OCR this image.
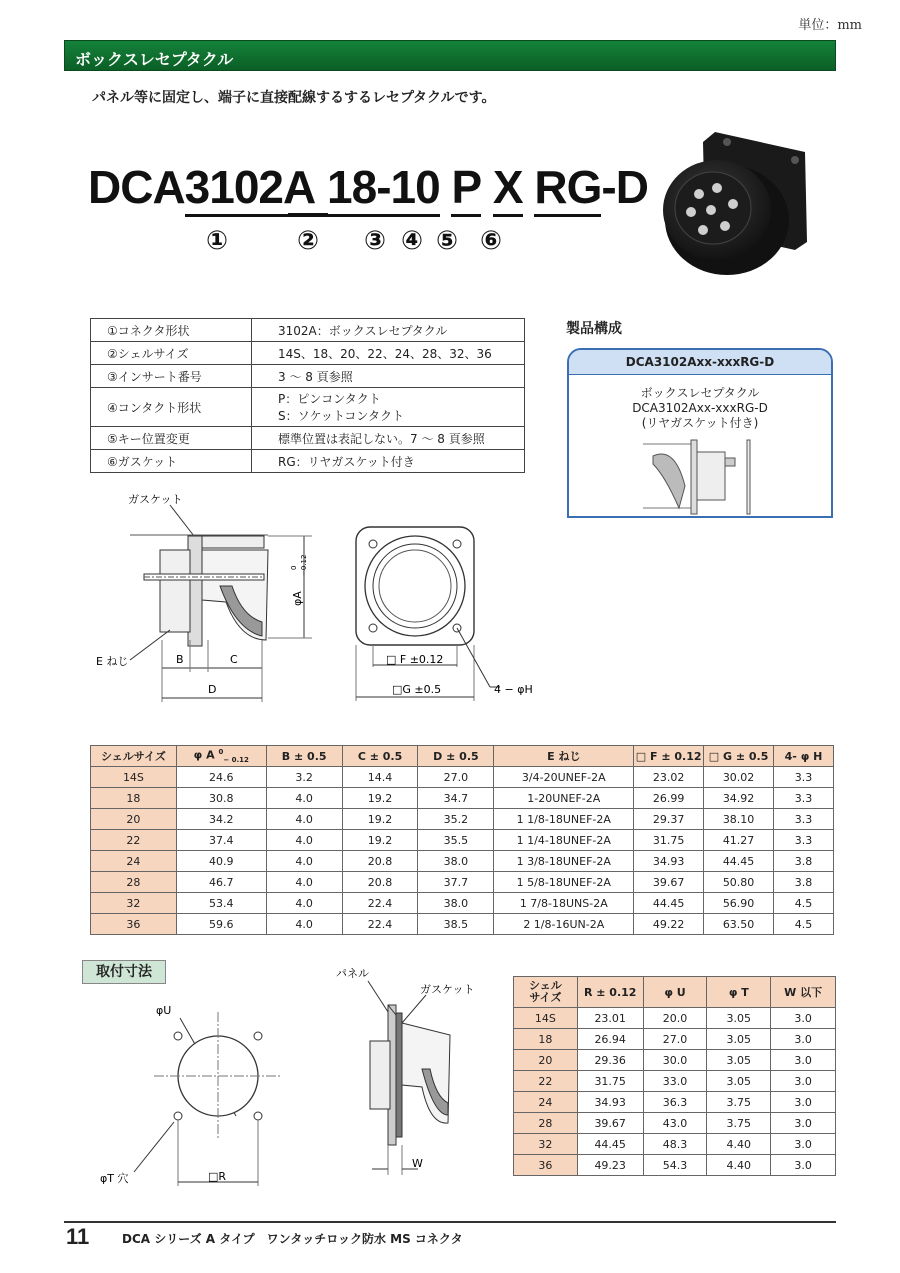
単位：mm
ボックスレセプタクル
パネル等に固定し、端子に直接配線するするレセプタクルです。
DCA3102A 18-10 P X RG-D
①	② ③ ④ ⑤ ⑥
①コネクタ形状	3102A：ボックスレセプタクル
②シェルサイズ	14S、18、20、22、24、28、32、36
③インサート番号	3 ～ 8 頁参照
④コンタクト形状	P：ピンコンタクト
S：ソケットコンタクト

⑤キー位置変更	標準位置は表記しない。7 ～ 8 頁参照
⑥ガスケット	RG：リヤガスケット付き
製品構成
DCA3102Axx-xxxRG-D
ボックスレセプタクル
DCA3102Axx-xxxRG-D
(リヤガスケット付き)
ガスケット
φA
0 −0.12
B	C
D
E ねじ	□ F ±0.12
□G ±0.5	4 − φH
シェルサイズ	φ A $^0_{- 0.12}$	B ± 0.5	C ± 0.5	D ± 0.5	E ねじ	□ F ± 0.12	□ G ± 0.5	4- φ H
14S	24.6	3.2	14.4	27.0	3/4-20UNEF-2A	23.02	30.02	3.3
18	30.8	4.0	19.2	34.7	1-20UNEF-2A	26.99	34.92	3.3
20	34.2	4.0	19.2	35.2	1 1/8-18UNEF-2A	29.37	38.10	3.3
22	37.4	4.0	19.2	35.5	1 1/4-18UNEF-2A	31.75	41.27	3.3
24	40.9	4.0	20.8	38.0	1 3/8-18UNEF-2A	34.93	44.45	3.8
28	46.7	4.0	20.8	37.7	1 5/8-18UNEF-2A	39.67	50.80	3.8
32	53.4	4.0	22.4	38.0	1 7/8-18UNS-2A	44.45	56.90	4.5
36	59.6	4.0	22.4	38.5	2 1/8-16UN-2A	49.22	63.50	4.5
取付寸法
φU
□R
φT 穴
パネル
ガスケット
W
シェル
サイズ	R ± 0.12	φ U	φ T	W 以下
14S	23.01	20.0	3.05	3.0
18	26.94	27.0	3.05	3.0
20	29.36	30.0	3.05	3.0
22	31.75	33.0	3.05	3.0
24	34.93	36.3	3.75	3.0
28	39.67	43.0	3.75	3.0
32	44.45	48.3	4.40	3.0
36	49.23	54.3	4.40	3.0
11	DCA シリーズ A タイプ　ワンタッチロック防水 MS コネクタ
